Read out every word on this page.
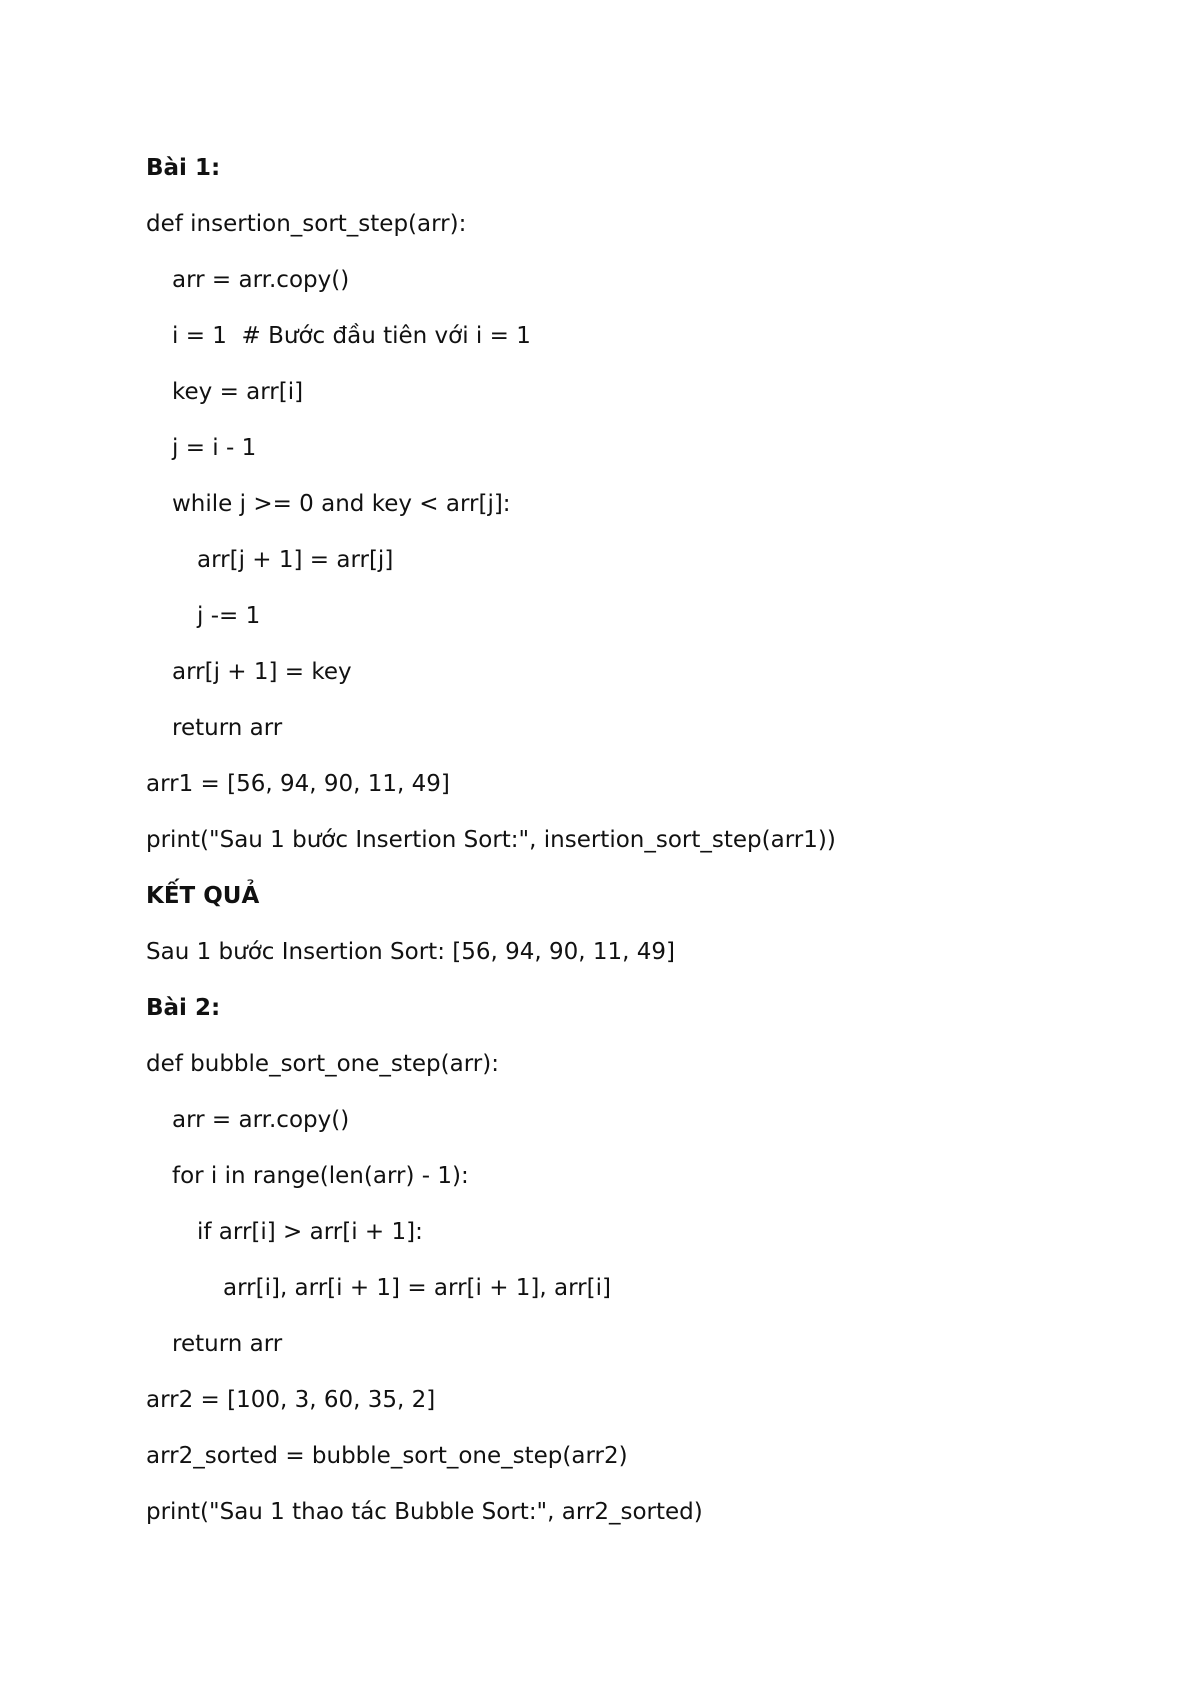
Bài 1:
def insertion_sort_step(arr):
arr = arr.copy()
i = 1  # Bước đầu tiên với i = 1
key = arr[i]
j = i - 1
while j >= 0 and key < arr[j]:
arr[j + 1] = arr[j]
j -= 1
arr[j + 1] = key
return arr
arr1 = [56, 94, 90, 11, 49]
print("Sau 1 bước Insertion Sort:", insertion_sort_step(arr1))
KẾT QUẢ
Sau 1 bước Insertion Sort: [56, 94, 90, 11, 49]
Bài 2:
def bubble_sort_one_step(arr):
arr = arr.copy()
for i in range(len(arr) - 1):
if arr[i] > arr[i + 1]:
arr[i], arr[i + 1] = arr[i + 1], arr[i]
return arr
arr2 = [100, 3, 60, 35, 2]
arr2_sorted = bubble_sort_one_step(arr2)
print("Sau 1 thao tác Bubble Sort:", arr2_sorted)
